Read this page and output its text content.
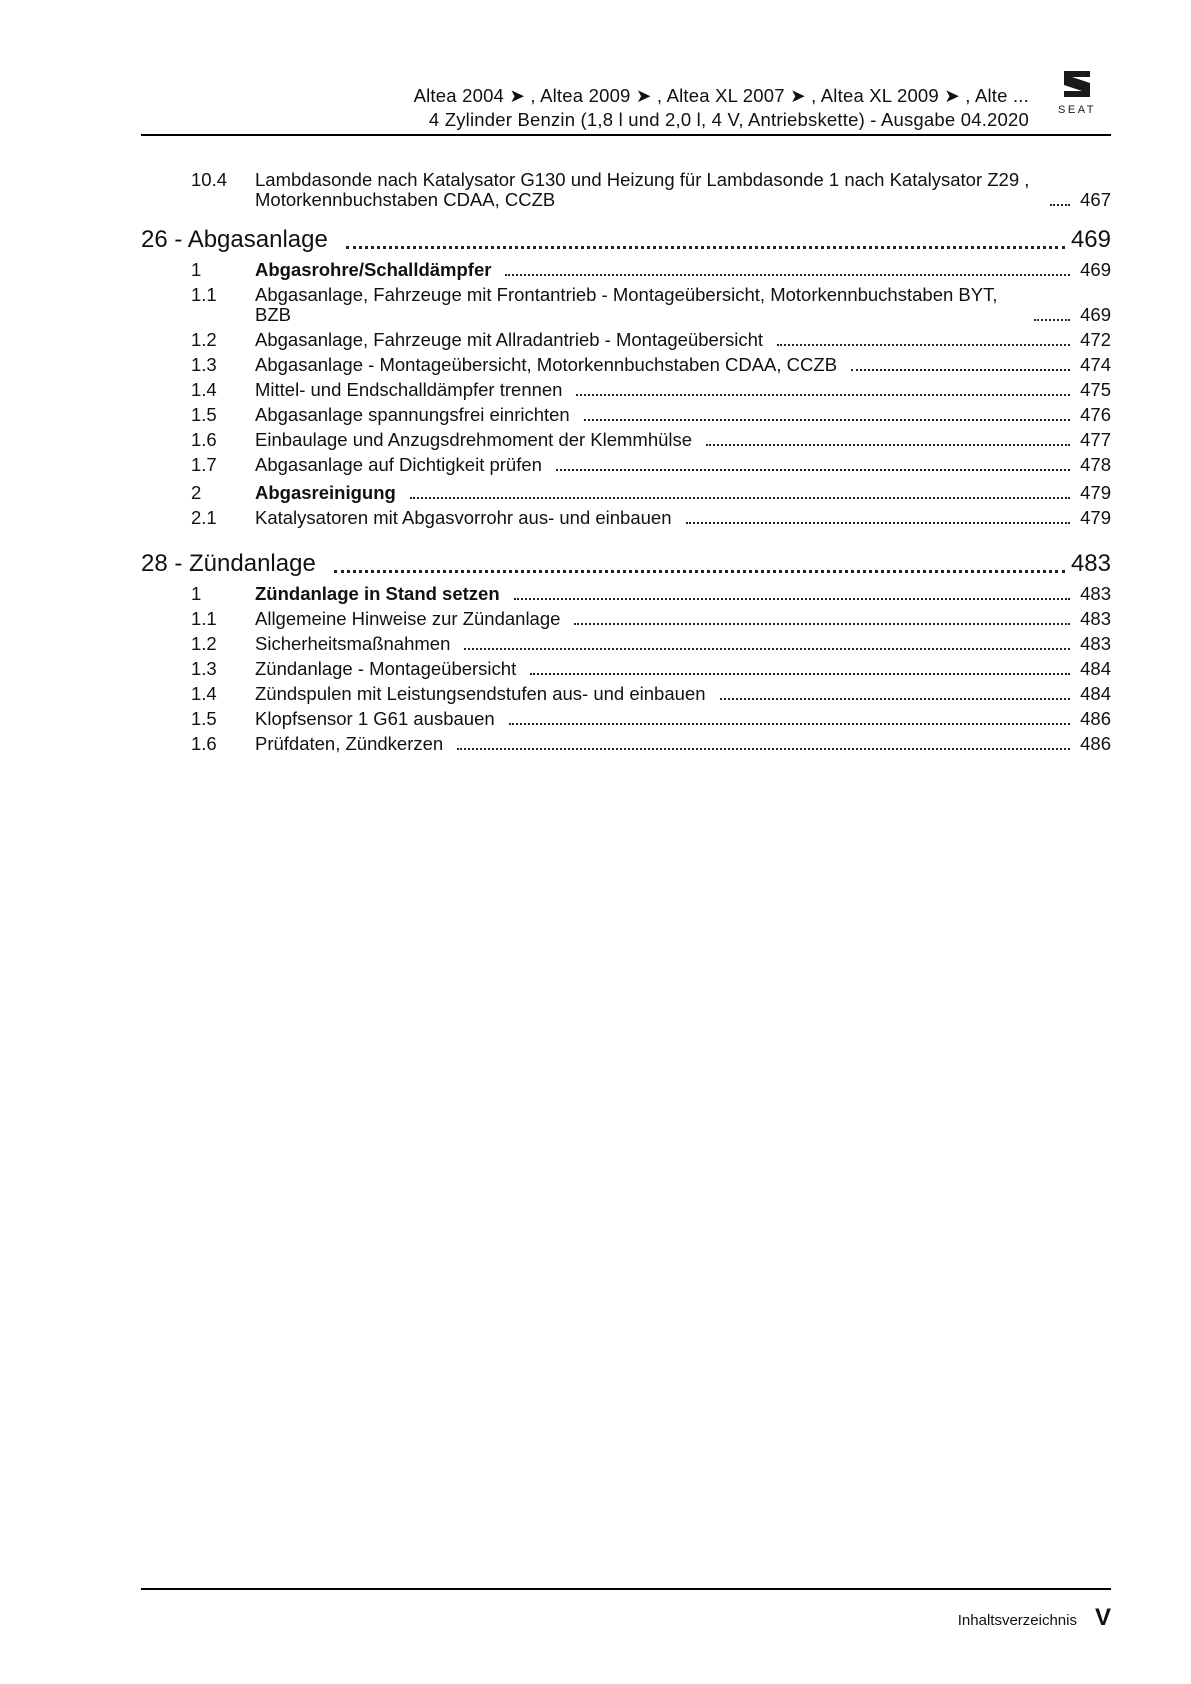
Altea 2004 ➤ , Altea 2009 ➤ , Altea XL 2007 ➤ , Altea XL 2009 ➤ , Alte ...
4 Zylinder Benzin (1,8 l und 2,0 l, 4 V, Antriebskette) - Ausgabe 04.2020	SEAT
10.4	Lambdasonde nach Katalysator G130 und Heizung für Lambdasonde 1 nach Katalysator Z29 , Motorkennbuchstaben CDAA, CCZB	467
26 - Abgasanlage	469
1	Abgasrohre/Schalldämpfer	469
1.1	Abgasanlage, Fahrzeuge mit Frontantrieb - Montageübersicht, Motorkennbuchstaben BYT, BZB	469
1.2	Abgasanlage, Fahrzeuge mit Allradantrieb - Montageübersicht	472
1.3	Abgasanlage - Montageübersicht, Motorkennbuchstaben CDAA, CCZB	474
1.4	Mittel- und Endschalldämpfer trennen	475
1.5	Abgasanlage spannungsfrei einrichten	476
1.6	Einbaulage und Anzugsdrehmoment der Klemmhülse	477
1.7	Abgasanlage auf Dichtigkeit prüfen	478
2	Abgasreinigung	479
2.1	Katalysatoren mit Abgasvorrohr aus- und einbauen	479
28 - Zündanlage	483
1	Zündanlage in Stand setzen	483
1.1	Allgemeine Hinweise zur Zündanlage	483
1.2	Sicherheitsmaßnahmen	483
1.3	Zündanlage - Montageübersicht	484
1.4	Zündspulen mit Leistungsendstufen aus- und einbauen	484
1.5	Klopfsensor 1 G61 ausbauen	486
1.6	Prüfdaten, Zündkerzen	486
Inhaltsverzeichnis V
